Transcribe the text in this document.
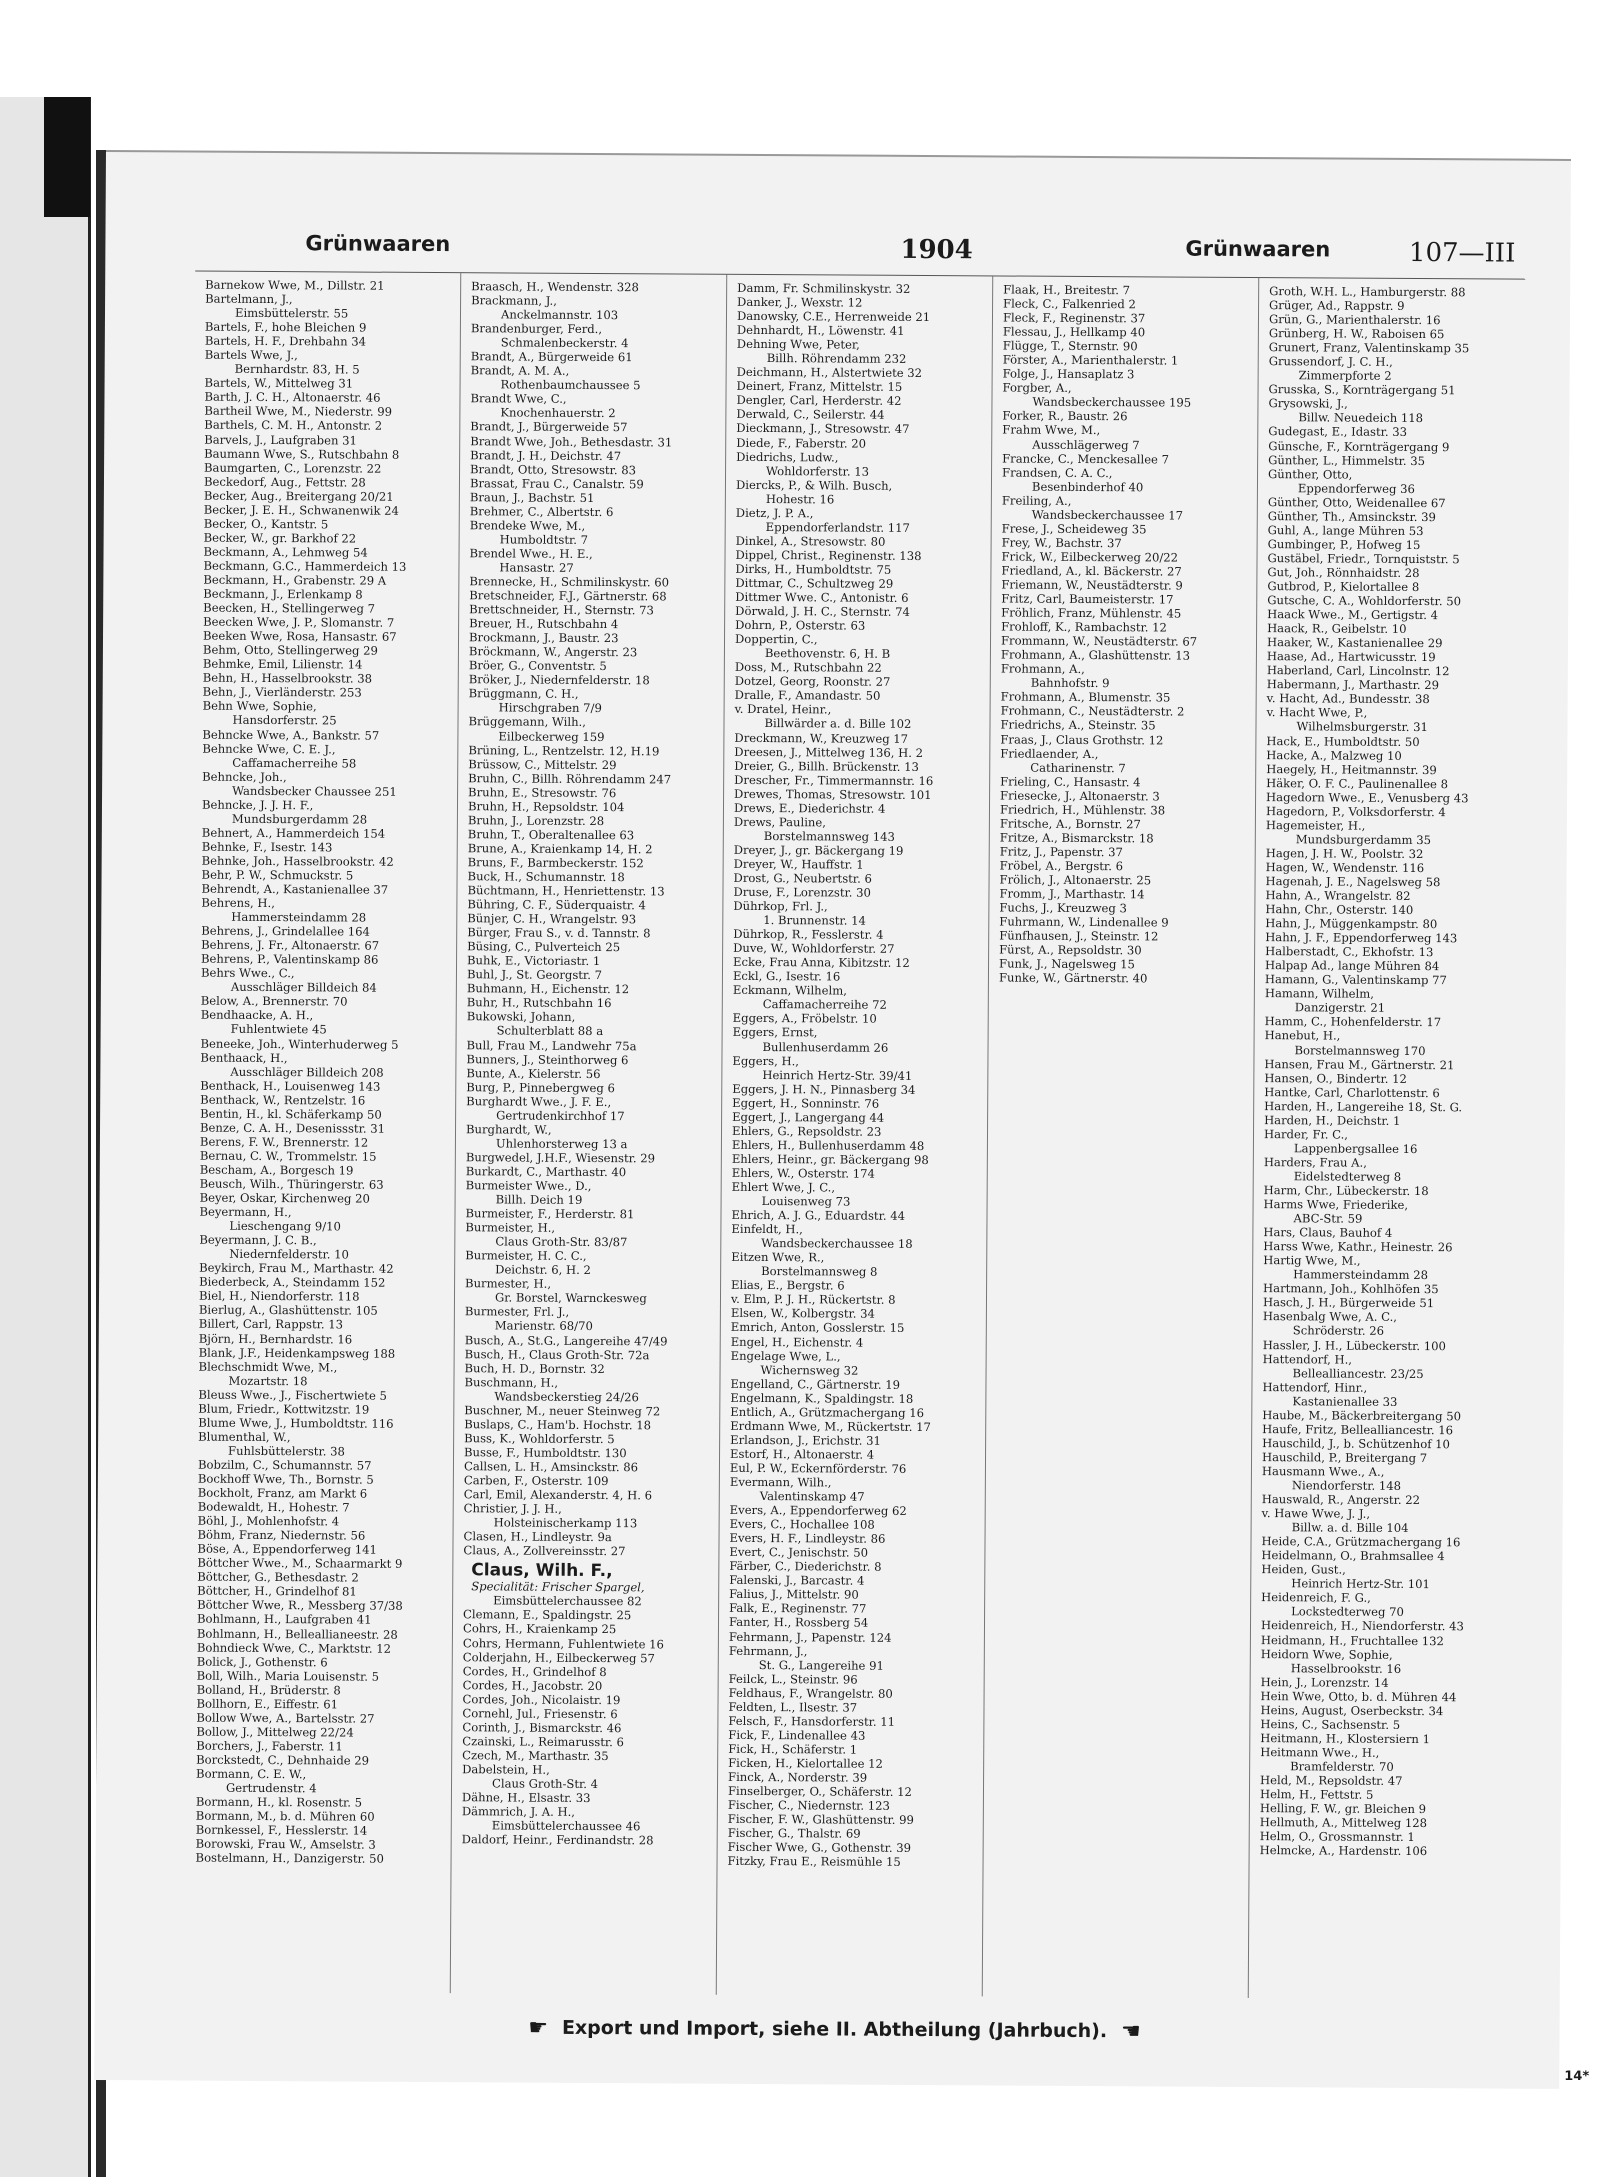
Grünwaaren	1904	Grünwaaren	107—III
Barnekow Wwe, M., Dillstr. 21
Bartelmann, J.,
Eimsbüttelerstr. 55
Bartels, F., hohe Bleichen 9
Bartels, H. F., Drehbahn 34
Bartels Wwe, J.,
Bernhardstr. 83, H. 5
Bartels, W., Mittelweg 31
Barth, J. C. H., Altonaerstr. 46
Bartheil Wwe, M., Niederstr. 99
Barthels, C. M. H., Antonstr. 2
Barvels, J., Laufgraben 31
Baumann Wwe, S., Rutschbahn 8
Baumgarten, C., Lorenzstr. 22
Beckedorf, Aug., Fettstr. 28
Becker, Aug., Breitergang 20/21
Becker, J. E. H., Schwanenwik 24
Becker, O., Kantstr. 5
Becker, W., gr. Barkhof 22
Beckmann, A., Lehmweg 54
Beckmann, G.C., Hammerdeich 13
Beckmann, H., Grabenstr. 29 A
Beckmann, J., Erlenkamp 8
Beecken, H., Stellingerweg 7
Beecken Wwe, J. P., Slomanstr. 7
Beeken Wwe, Rosa, Hansastr. 67
Behm, Otto, Stellingerweg 29
Behmke, Emil, Lilienstr. 14
Behn, H., Hasselbrookstr. 38
Behn, J., Vierländerstr. 253
Behn Wwe, Sophie,
Hansdorferstr. 25
Behncke Wwe, A., Bankstr. 57
Behncke Wwe, C. E. J.,
Caffamacherreihe 58
Behncke, Joh.,
Wandsbecker Chaussee 251
Behncke, J. J. H. F.,
Mundsburgerdamm 28
Behnert, A., Hammerdeich 154
Behnke, F., Isestr. 143
Behnke, Joh., Hasselbrookstr. 42
Behr, P. W., Schmuckstr. 5
Behrendt, A., Kastanienallee 37
Behrens, H.,
Hammersteindamm 28
Behrens, J., Grindelallee 164
Behrens, J. Fr., Altonaerstr. 67
Behrens, P., Valentinskamp 86
Behrs Wwe., C.,
Ausschläger Billdeich 84
Below, A., Brennerstr. 70
Bendhaacke, A. H.,
Fuhlentwiete 45
Beneeke, Joh., Winterhuderweg 5
Benthaack, H.,
Ausschläger Billdeich 208
Benthack, H., Louisenweg 143
Benthack, W., Rentzelstr. 16
Bentin, H., kl. Schäferkamp 50
Benze, C. A. H., Desenissstr. 31
Berens, F. W., Brennerstr. 12
Bernau, C. W., Trommelstr. 15
Bescham, A., Borgesch 19
Beusch, Wilh., Thüringerstr. 63
Beyer, Oskar, Kirchenweg 20
Beyermann, H.,
Lieschengang 9/10
Beyermann, J. C. B.,
Niedernfelderstr. 10
Beykirch, Frau M., Marthastr. 42
Biederbeck, A., Steindamm 152
Biel, H., Niendorferstr. 118
Bierlug, A., Glashüttenstr. 105
Billert, Carl, Rappstr. 13
Björn, H., Bernhardstr. 16
Blank, J.F., Heidenkampsweg 188
Blechschmidt Wwe, M.,
Mozartstr. 18
Bleuss Wwe., J., Fischertwiete 5
Blum, Friedr., Kottwitzstr. 19
Blume Wwe, J., Humboldtstr. 116
Blumenthal, W.,
Fuhlsbüttelerstr. 38
Bobzilm, C., Schumannstr. 57
Bockhoff Wwe, Th., Bornstr. 5
Bockholt, Franz, am Markt 6
Bodewaldt, H., Hohestr. 7
Böhl, J., Mohlenhofstr. 4
Böhm, Franz, Niedernstr. 56
Böse, A., Eppendorferweg 141
Böttcher Wwe., M., Schaarmarkt 9
Böttcher, G., Bethesdastr. 2
Böttcher, H., Grindelhof 81
Böttcher Wwe, R., Messberg 37/38
Bohlmann, H., Laufgraben 41
Bohlmann, H., Belleallianeestr. 28
Bohndieck Wwe, C., Marktstr. 12
Bolick, J., Gothenstr. 6
Boll, Wilh., Maria Louisenstr. 5
Bolland, H., Brüderstr. 8
Bollhorn, E., Eiffestr. 61
Bollow Wwe, A., Bartelsstr. 27
Bollow, J., Mittelweg 22/24
Borchers, J., Faberstr. 11
Borckstedt, C., Dehnhaide 29
Bormann, C. E. W.,
Gertrudenstr. 4
Bormann, H., kl. Rosenstr. 5
Bormann, M., b. d. Mühren 60
Bornkessel, F., Hesslerstr. 14
Borowski, Frau W., Amselstr. 3
Bostelmann, H., Danzigerstr. 50
Braasch, H., Wendenstr. 328
Brackmann, J.,
Anckelmannstr. 103
Brandenburger, Ferd.,
Schmalenbeckerstr. 4
Brandt, A., Bürgerweide 61
Brandt, A. M. A.,
Rothenbaumchaussee 5
Brandt Wwe, C.,
Knochenhauerstr. 2
Brandt, J., Bürgerweide 57
Brandt Wwe, Joh., Bethesdastr. 31
Brandt, J. H., Deichstr. 47
Brandt, Otto, Stresowstr. 83
Brassat, Frau C., Canalstr. 59
Braun, J., Bachstr. 51
Brehmer, C., Albertstr. 6
Brendeke Wwe, M.,
Humboldtstr. 7
Brendel Wwe., H. E.,
Hansastr. 27
Brennecke, H., Schmilinskystr. 60
Bretschneider, F.J., Gärtnerstr. 68
Brettschneider, H., Sternstr. 73
Breuer, H., Rutschbahn 4
Brockmann, J., Baustr. 23
Bröckmann, W., Angerstr. 23
Bröer, G., Conventstr. 5
Bröker, J., Niedernfelderstr. 18
Brüggmann, C. H.,
Hirschgraben 7/9
Brüggemann, Wilh.,
Eilbeckerweg 159
Brüning, L., Rentzelstr. 12, H.19
Brüssow, C., Mittelstr. 29
Bruhn, C., Billh. Röhrendamm 247
Bruhn, E., Stresowstr. 76
Bruhn, H., Repsoldstr. 104
Bruhn, J., Lorenzstr. 28
Bruhn, T., Oberaltenallee 63
Brune, A., Kraienkamp 14, H. 2
Bruns, F., Barmbeckerstr. 152
Buck, H., Schumannstr. 18
Büchtmann, H., Henriettenstr. 13
Bühring, C. F., Süderquaistr. 4
Bünjer, C. H., Wrangelstr. 93
Bürger, Frau S., v. d. Tannstr. 8
Büsing, C., Pulverteich 25
Buhk, E., Victoriastr. 1
Buhl, J., St. Georgstr. 7
Buhmann, H., Eichenstr. 12
Buhr, H., Rutschbahn 16
Bukowski, Johann,
Schulterblatt 88 a
Bull, Frau M., Landwehr 75a
Bunners, J., Steinthorweg 6
Bunte, A., Kielerstr. 56
Burg, P., Pinnebergweg 6
Burghardt Wwe., J. F. E.,
Gertrudenkirchhof 17
Burghardt, W.,
Uhlenhorsterweg 13 a
Burgwedel, J.H.F., Wiesenstr. 29
Burkardt, C., Marthastr. 40
Burmeister Wwe., D.,
Billh. Deich 19
Burmeister, F., Herderstr. 81
Burmeister, H.,
Claus Groth-Str. 83/87
Burmeister, H. C. C.,
Deichstr. 6, H. 2
Burmester, H.,
Gr. Borstel, Warnckesweg
Burmester, Frl. J.,
Marienstr. 68/70
Busch, A., St.G., Langereihe 47/49
Busch, H., Claus Groth-Str. 72a
Buch, H. D., Bornstr. 32
Buschmann, H.,
Wandsbeckerstieg 24/26
Buschner, M., neuer Steinweg 72
Buslaps, C., Ham'b. Hochstr. 18
Buss, K., Wohldorferstr. 5
Busse, F., Humboldtstr. 130
Callsen, L. H., Amsinckstr. 86
Carben, F., Osterstr. 109
Carl, Emil, Alexanderstr. 4, H. 6
Christier, J. J. H.,
Holsteinischerkamp 113
Clasen, H., Lindleystr. 9a
Claus, A., Zollvereinsstr. 27
Claus, Wilh. F.,
Specialität: Frischer Spargel,
Eimsbüttelerchaussee 82
Clemann, E., Spaldingstr. 25
Cohrs, H., Kraienkamp 25
Cohrs, Hermann, Fuhlentwiete 16
Colderjahn, H., Eilbeckerweg 57
Cordes, H., Grindelhof 8
Cordes, H., Jacobstr. 20
Cordes, Joh., Nicolaistr. 19
Cornehl, Jul., Friesenstr. 6
Corinth, J., Bismarckstr. 46
Czainski, L., Reimarusstr. 6
Czech, M., Marthastr. 35
Dabelstein, H.,
Claus Groth-Str. 4
Dähne, H., Elsastr. 33
Dämmrich, J. A. H.,
Eimsbüttelerchaussee 46
Daldorf, Heinr., Ferdinandstr. 28
Damm, Fr. Schmilinskystr. 32
Danker, J., Wexstr. 12
Danowsky, C.E., Herrenweide 21
Dehnhardt, H., Löwenstr. 41
Dehning Wwe, Peter,
Billh. Röhrendamm 232
Deichmann, H., Alstertwiete 32
Deinert, Franz, Mittelstr. 15
Dengler, Carl, Herderstr. 42
Derwald, C., Seilerstr. 44
Dieckmann, J., Stresowstr. 47
Diede, F., Faberstr. 20
Diedrichs, Ludw.,
Wohldorferstr. 13
Diercks, P., & Wilh. Busch,
Hohestr. 16
Dietz, J. P. A.,
Eppendorferlandstr. 117
Dinkel, A., Stresowstr. 80
Dippel, Christ., Reginenstr. 138
Dirks, H., Humboldtstr. 75
Dittmar, C., Schultzweg 29
Dittmer Wwe. C., Antonistr. 6
Dörwald, J. H. C., Sternstr. 74
Dohrn, P., Osterstr. 63
Doppertin, C.,
Beethovenstr. 6, H. B
Doss, M., Rutschbahn 22
Dotzel, Georg, Roonstr. 27
Dralle, F., Amandastr. 50
v. Dratel, Heinr.,
Billwärder a. d. Bille 102
Dreckmann, W., Kreuzweg 17
Dreesen, J., Mittelweg 136, H. 2
Dreier, G., Billh. Brückenstr. 13
Drescher, Fr., Timmermannstr. 16
Drewes, Thomas, Stresowstr. 101
Drews, E., Diederichstr. 4
Drews, Pauline,
Borstelmannsweg 143
Dreyer, J., gr. Bäckergang 19
Dreyer, W., Hauffstr. 1
Drost, G., Neubertstr. 6
Druse, F., Lorenzstr. 30
Dührkop, Frl. J.,
1. Brunnenstr. 14
Dührkop, R., Fesslerstr. 4
Duve, W., Wohldorferstr. 27
Ecke, Frau Anna, Kibitzstr. 12
Eckl, G., Isestr. 16
Eckmann, Wilhelm,
Caffamacherreihe 72
Eggers, A., Fröbelstr. 10
Eggers, Ernst,
Bullenhuserdamm 26
Eggers, H.,
Heinrich Hertz-Str. 39/41
Eggers, J. H. N., Pinnasberg 34
Eggert, H., Sonninstr. 76
Eggert, J., Langergang 44
Ehlers, G., Repsoldstr. 23
Ehlers, H., Bullenhuserdamm 48
Ehlers, Heinr., gr. Bäckergang 98
Ehlers, W., Osterstr. 174
Ehlert Wwe, J. C.,
Louisenweg 73
Ehrich, A. J. G., Eduardstr. 44
Einfeldt, H.,
Wandsbeckerchaussee 18
Eitzen Wwe, R.,
Borstelmannsweg 8
Elias, E., Bergstr. 6
v. Elm, P. J. H., Rückertstr. 8
Elsen, W., Kolbergstr. 34
Emrich, Anton, Gosslerstr. 15
Engel, H., Eichenstr. 4
Engelage Wwe, L.,
Wichernsweg 32
Engelland, C., Gärtnerstr. 19
Engelmann, K., Spaldingstr. 18
Entlich, A., Grützmachergang 16
Erdmann Wwe, M., Rückertstr. 17
Erlandson, J., Erichstr. 31
Estorf, H., Altonaerstr. 4
Eul, P. W., Eckernförderstr. 76
Evermann, Wilh.,
Valentinskamp 47
Evers, A., Eppendorferweg 62
Evers, C., Hochallee 108
Evers, H. F., Lindleystr. 86
Evert, C., Jenischstr. 50
Färber, C., Diederichstr. 8
Falenski, J., Barcastr. 4
Falius, J., Mittelstr. 90
Falk, E., Reginenstr. 77
Fanter, H., Rossberg 54
Fehrmann, J., Papenstr. 124
Fehrmann, J.,
St. G., Langereihe 91
Feilck, L., Steinstr. 96
Feldhaus, F., Wrangelstr. 80
Feldten, L., Ilsestr. 37
Felsch, F., Hansdorferstr. 11
Fick, F., Lindenallee 43
Fick, H., Schäferstr. 1
Ficken, H., Kielortallee 12
Finck, A., Norderstr. 39
Finselberger, O., Schäferstr. 12
Fischer, C., Niedernstr. 123
Fischer, F. W., Glashüttenstr. 99
Fischer, G., Thalstr. 69
Fischer Wwe, G., Gothenstr. 39
Fitzky, Frau E., Reismühle 15
Flaak, H., Breitestr. 7
Fleck, C., Falkenried 2
Fleck, F., Reginenstr. 37
Flessau, J., Hellkamp 40
Flügge, T., Sternstr. 90
Förster, A., Marienthalerstr. 1
Folge, J., Hansaplatz 3
Forgber, A.,
Wandsbeckerchaussee 195
Forker, R., Baustr. 26
Frahm Wwe, M.,
Ausschlägerweg 7
Francke, C., Menckesallee 7
Frandsen, C. A. C.,
Besenbinderhof 40
Freiling, A.,
Wandsbeckerchaussee 17
Frese, J., Scheideweg 35
Frey, W., Bachstr. 37
Frick, W., Eilbeckerweg 20/22
Friedland, A., kl. Bäckerstr. 27
Friemann, W., Neustädterstr. 9
Fritz, Carl, Baumeisterstr. 17
Fröhlich, Franz, Mühlenstr. 45
Frohloff, K., Rambachstr. 12
Frommann, W., Neustädterstr. 67
Frohmann, A., Glashüttenstr. 13
Frohmann, A.,
Bahnhofstr. 9
Frohmann, A., Blumenstr. 35
Frohmann, C., Neustädterstr. 2
Friedrichs, A., Steinstr. 35
Fraas, J., Claus Grothstr. 12
Friedlaender, A.,
Catharinenstr. 7
Frieling, C., Hansastr. 4
Friesecke, J., Altonaerstr. 3
Friedrich, H., Mühlenstr. 38
Fritsche, A., Bornstr. 27
Fritze, A., Bismarckstr. 18
Fritz, J., Papenstr. 37
Fröbel, A., Bergstr. 6
Frölich, J., Altonaerstr. 25
Fromm, J., Marthastr. 14
Fuchs, J., Kreuzweg 3
Fuhrmann, W., Lindenallee 9
Fünfhausen, J., Steinstr. 12
Fürst, A., Repsoldstr. 30
Funk, J., Nagelsweg 15
Funke, W., Gärtnerstr. 40
Groth, W.H. L., Hamburgerstr. 88
Grüger, Ad., Rappstr. 9
Grün, G., Marienthalerstr. 16
Grünberg, H. W., Raboisen 65
Grunert, Franz, Valentinskamp 35
Grussendorf, J. C. H.,
Zimmerpforte 2
Grusska, S., Kornträgergang 51
Grysowski, J.,
Billw. Neuedeich 118
Gudegast, E., Idastr. 33
Günsche, F., Kornträgergang 9
Günther, L., Himmelstr. 35
Günther, Otto,
Eppendorferweg 36
Günther, Otto, Weidenallee 67
Günther, Th., Amsinckstr. 39
Guhl, A., lange Mühren 53
Gumbinger, P., Hofweg 15
Gustäbel, Friedr., Tornquiststr. 5
Gut, Joh., Rönnhaidstr. 28
Gutbrod, P., Kielortallee 8
Gutsche, C. A., Wohldorferstr. 50
Haack Wwe., M., Gertigstr. 4
Haack, R., Geibelstr. 10
Haaker, W., Kastanienallee 29
Haase, Ad., Hartwicusstr. 19
Haberland, Carl, Lincolnstr. 12
Habermann, J., Marthastr. 29
v. Hacht, Ad., Bundesstr. 38
v. Hacht Wwe, P.,
Wilhelmsburgerstr. 31
Hack, E., Humboldtstr. 50
Hacke, A., Malzweg 10
Haegely, H., Heitmannstr. 39
Häker, O. F. C., Paulinenallee 8
Hagedorn Wwe., E., Venusberg 43
Hagedorn, P., Volksdorferstr. 4
Hagemeister, H.,
Mundsburgerdamm 35
Hagen, J. H. W., Poolstr. 32
Hagen, W., Wendenstr. 116
Hagenah, J. E., Nagelsweg 58
Hahn, A., Wrangelstr. 82
Hahn, Chr., Osterstr. 140
Hahn, J., Müggenkampstr. 80
Hahn, J. F., Eppendorferweg 143
Halberstadt, C., Ekhofstr. 13
Halpap Ad., lange Mühren 84
Hamann, G., Valentinskamp 77
Hamann, Wilhelm,
Danzigerstr. 21
Hamm, C., Hohenfelderstr. 17
Hanebut, H.,
Borstelmannsweg 170
Hansen, Frau M., Gärtnerstr. 21
Hansen, O., Bindertr. 12
Hantke, Carl, Charlottenstr. 6
Harden, H., Langereihe 18, St. G.
Harden, H., Deichstr. 1
Harder, Fr. C.,
Lappenbergsallee 16
Harders, Frau A.,
Eidelstedterweg 8
Harm, Chr., Lübeckerstr. 18
Harms Wwe, Friederike,
ABC-Str. 59
Hars, Claus, Bauhof 4
Harss Wwe, Kathr., Heinestr. 26
Hartig Wwe, M.,
Hammersteindamm 28
Hartmann, Joh., Kohlhöfen 35
Hasch, J. H., Bürgerweide 51
Hasenbalg Wwe, A. C.,
Schröderstr. 26
Hassler, J. H., Lübeckerstr. 100
Hattendorf, H.,
Bellealliancestr. 23/25
Hattendorf, Hinr.,
Kastanienallee 33
Haube, M., Bäckerbreitergang 50
Haufe, Fritz, Bellealliancestr. 16
Hauschild, J., b. Schützenhof 10
Hauschild, P., Breitergang 7
Hausmann Wwe., A.,
Niendorferstr. 148
Hauswald, R., Angerstr. 22
v. Hawe Wwe, J. J.,
Billw. a. d. Bille 104
Heide, C.A., Grützmachergang 16
Heidelmann, O., Brahmsallee 4
Heiden, Gust.,
Heinrich Hertz-Str. 101
Heidenreich, F. G.,
Lockstedterweg 70
Heidenreich, H., Niendorferstr. 43
Heidmann, H., Fruchtallee 132
Heidorn Wwe, Sophie,
Hasselbrookstr. 16
Hein, J., Lorenzstr. 14
Hein Wwe, Otto, b. d. Mühren 44
Heins, August, Oserbeckstr. 34
Heins, C., Sachsenstr. 5
Heitmann, H., Klostersiern 1
Heitmann Wwe., H.,
Bramfelderstr. 70
Held, M., Repsoldstr. 47
Helm, H., Fettstr. 5
Helling, F. W., gr. Bleichen 9
Hellmuth, A., Mittelweg 128
Helm, O., Grossmannstr. 1
Helmcke, A., Hardenstr. 106
☛ Export und Import, siehe II. Abtheilung (Jahrbuch). ☚
14*
